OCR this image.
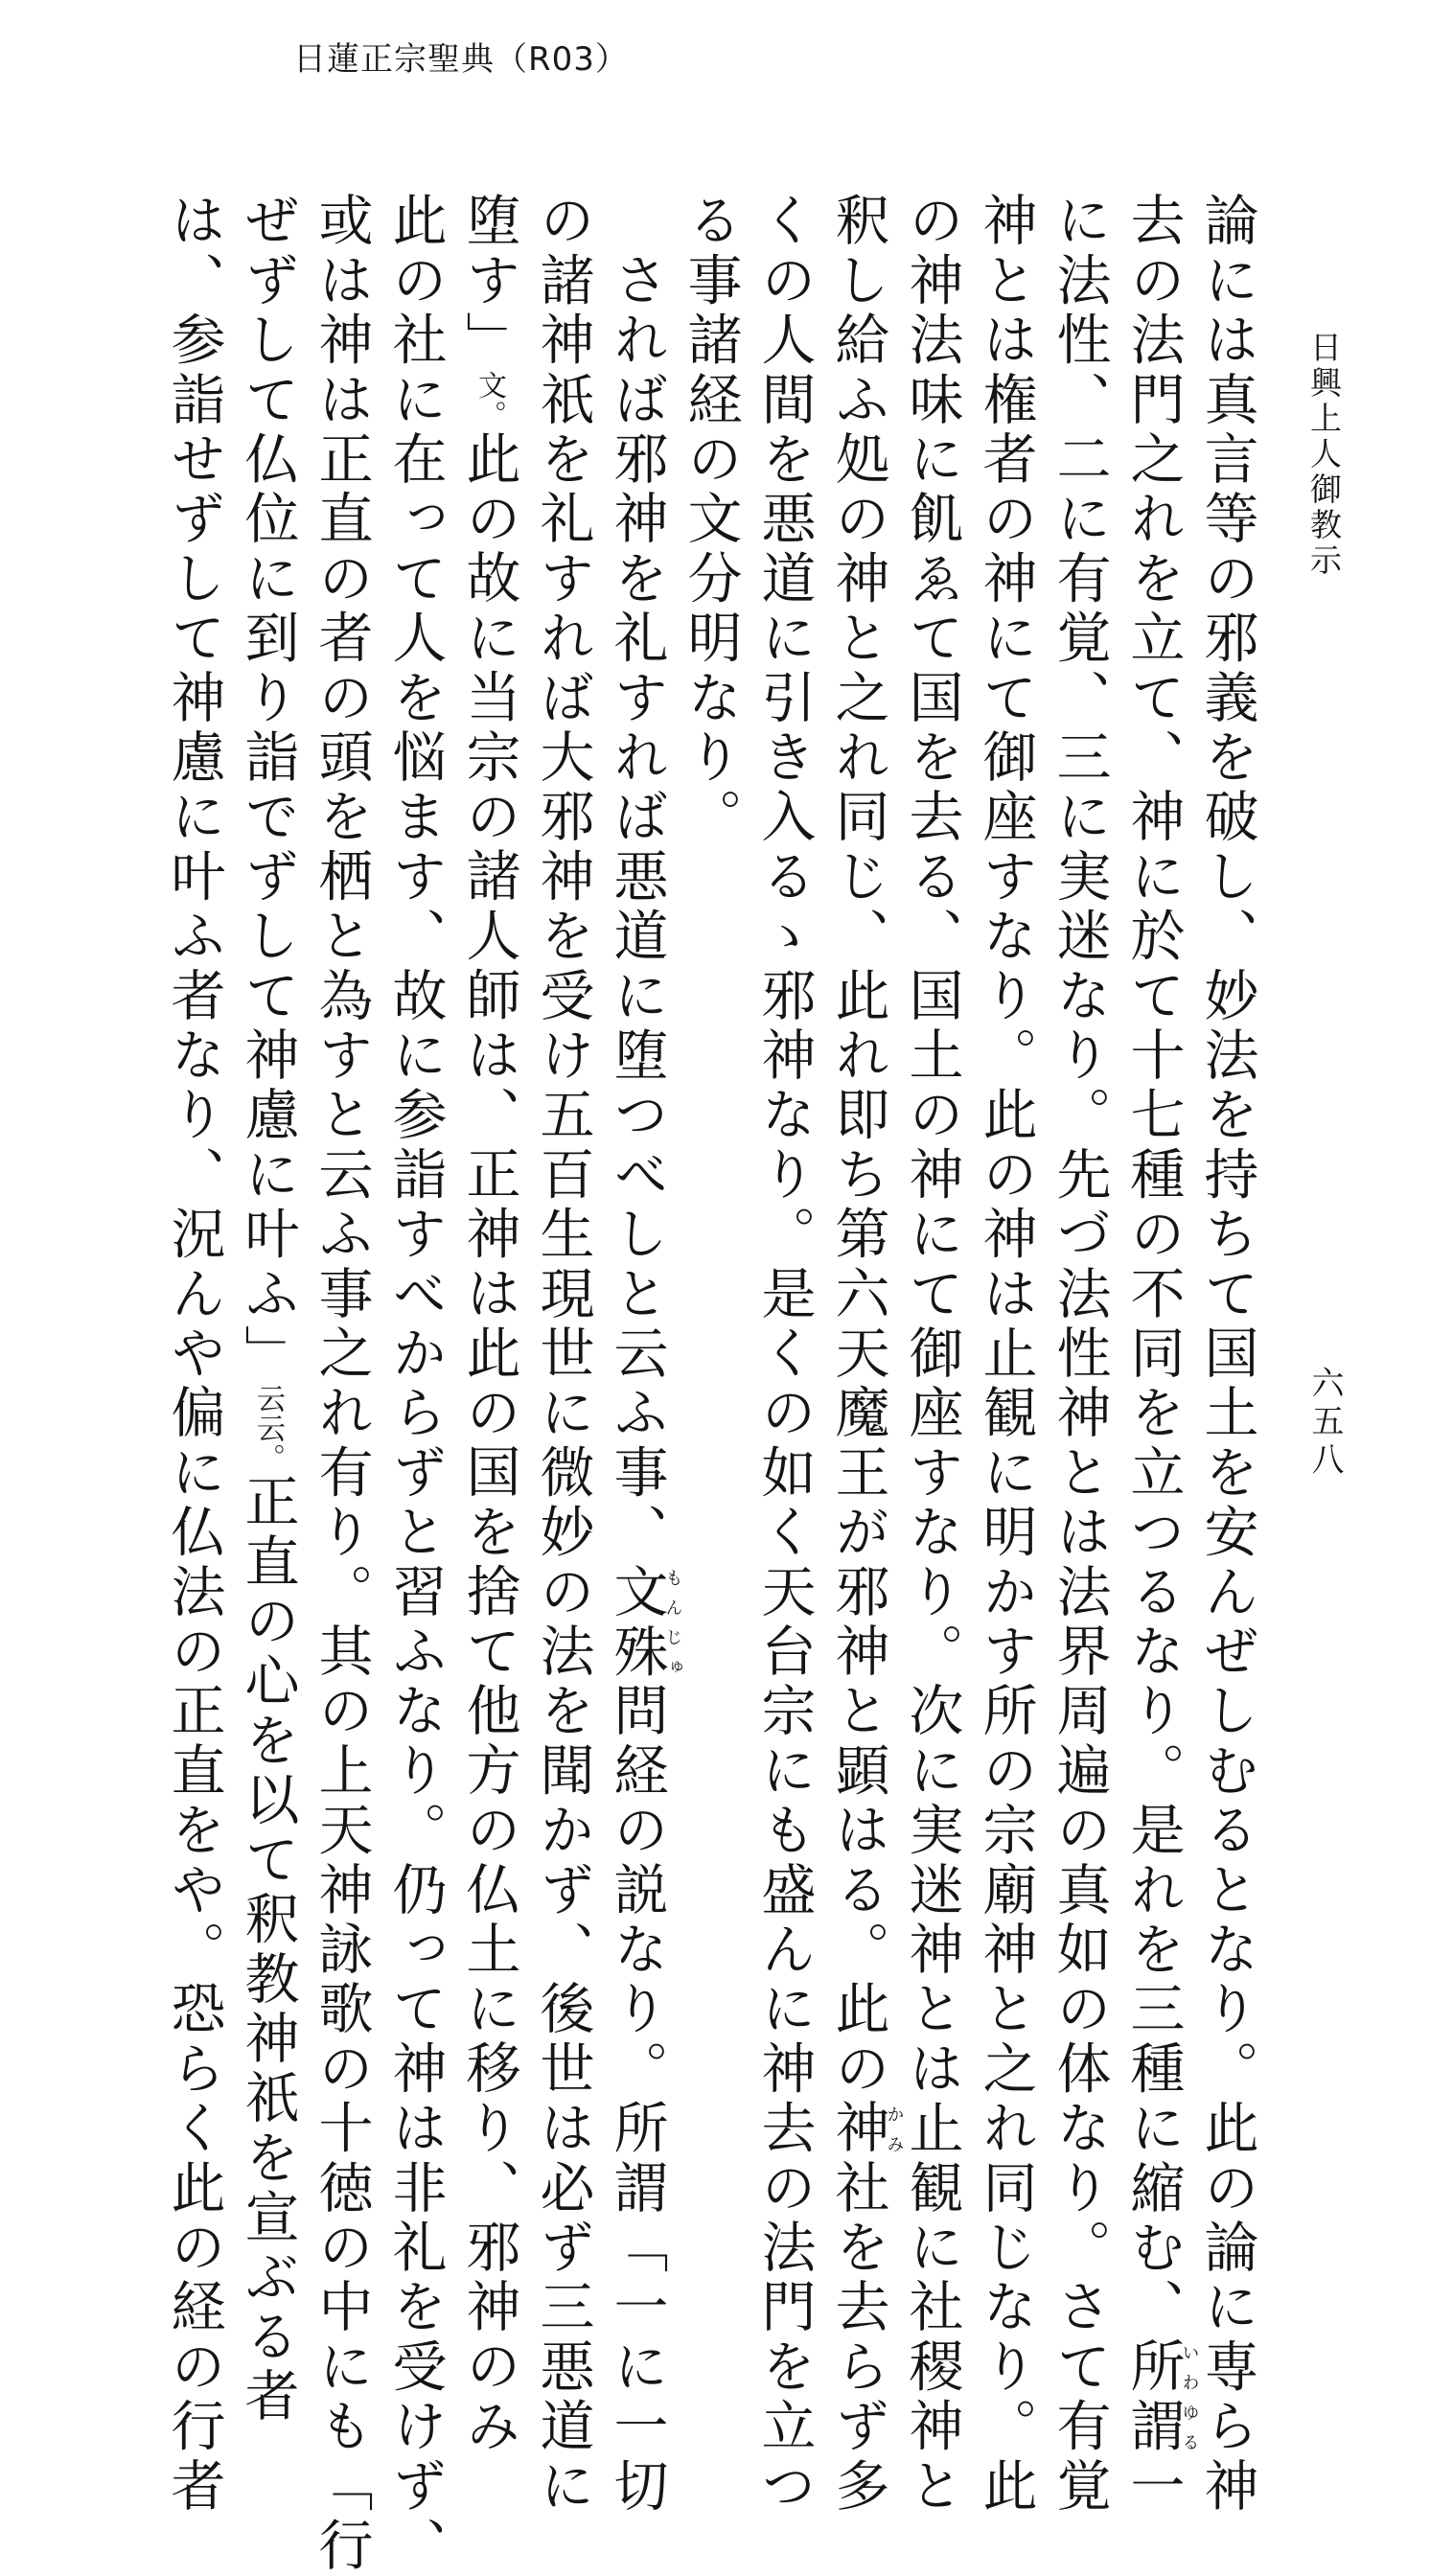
日蓮正宗聖典（R03）
日興上人御教示
六五八
論には真言等の邪義を破し、妙法を持ちて国土を安んぜしむるとなり。此の論に専ら神
去の法門之れを立て、神に於て十七種の不同を立つるなり。是れを三種に縮む、所謂いわゆる一
に法性、二に有覚、三に実迷なり。先づ法性神とは法界周遍の真如の体なり。さて有覚
神とは権者の神にて御座すなり。此の神は止観に明かす所の宗廟神と之れ同じなり。此
の神法味に飢ゑて国を去る、国土の神にて御座すなり。次に実迷神とは止観に社稷神と
釈し給ふ処の神と之れ同じ、此れ即ち第六天魔王が邪神と顕はる。此の神かみ社を去らず多
くの人間を悪道に引き入るゝ邪神なり。是くの如く天台宗にも盛んに神去の法門を立つ
る事諸経の文分明なり。
　されば邪神を礼すれば悪道に堕つべしと云ふ事、文殊もんじゅ問経の説なり。所謂「一に一切
の諸神祇を礼すれば大邪神を受け五百生現世に微妙の法を聞かず、後世は必ず三悪道に
堕す」文。此の故に当宗の諸人師は、正神は此の国を捨て他方の仏土に移り、邪神のみ
此の社に在って人を悩ます、故に参詣すべからずと習ふなり。仍って神は非礼を受けず、
或は神は正直の者の頭を栖と為すと云ふ事之れ有り。其の上天神詠歌の十徳の中にも「行
ぜずして仏位に到り詣でずして神慮に叶ふ」云云。正直の心を以て釈教神祇を宣ぶる者
は、参詣せずして神慮に叶ふ者なり、況んや偏に仏法の正直をや。恐らく此の経の行者
